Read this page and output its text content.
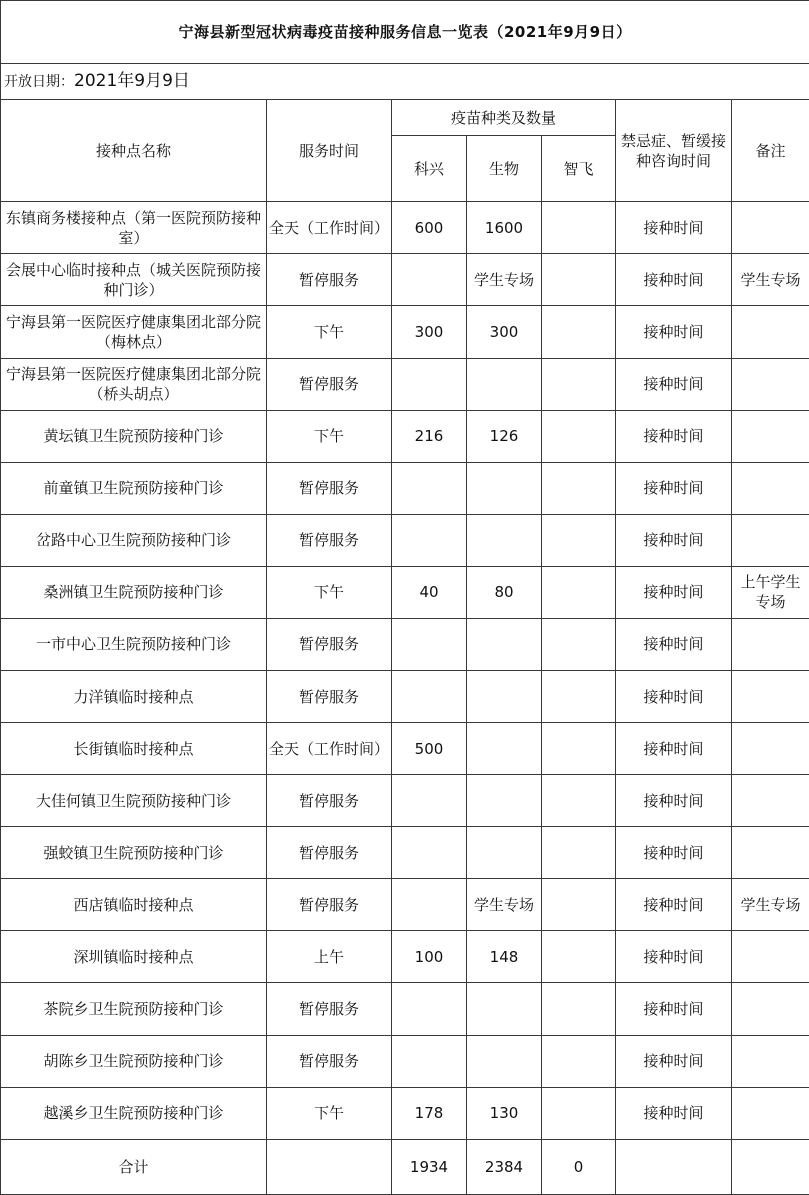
宁海县新型冠状病毒疫苗接种服务信息一览表（2021年9月9日）						
开放日期：2021年9月9日						
接种点名称	服务时间	疫苗种类及数量			禁忌症、暂缓接种咨询时间	备注
		科兴	生物	智飞		
东镇商务楼接种点（第一医院预防接种室）	全天（工作时间）	600	1600		接种时间	
会展中心临时接种点（城关医院预防接种门诊）	暂停服务		学生专场		接种时间	学生专场
宁海县第一医院医疗健康集团北部分院（梅林点）	下午	300	300		接种时间	
宁海县第一医院医疗健康集团北部分院（桥头胡点）	暂停服务				接种时间	
黄坛镇卫生院预防接种门诊	下午	216	126		接种时间	
前童镇卫生院预防接种门诊	暂停服务				接种时间	
岔路中心卫生院预防接种门诊	暂停服务				接种时间	
桑洲镇卫生院预防接种门诊	下午	40	80		接种时间	上午学生专场
一市中心卫生院预防接种门诊	暂停服务				接种时间	
力洋镇临时接种点	暂停服务				接种时间	
长街镇临时接种点	全天（工作时间）	500			接种时间	
大佳何镇卫生院预防接种门诊	暂停服务				接种时间	
强蛟镇卫生院预防接种门诊	暂停服务				接种时间	
西店镇临时接种点	暂停服务		学生专场		接种时间	学生专场
深圳镇临时接种点	上午	100	148		接种时间	
茶院乡卫生院预防接种门诊	暂停服务				接种时间	
胡陈乡卫生院预防接种门诊	暂停服务				接种时间	
越溪乡卫生院预防接种门诊	下午	178	130		接种时间	
合计		1934	2384	0		
